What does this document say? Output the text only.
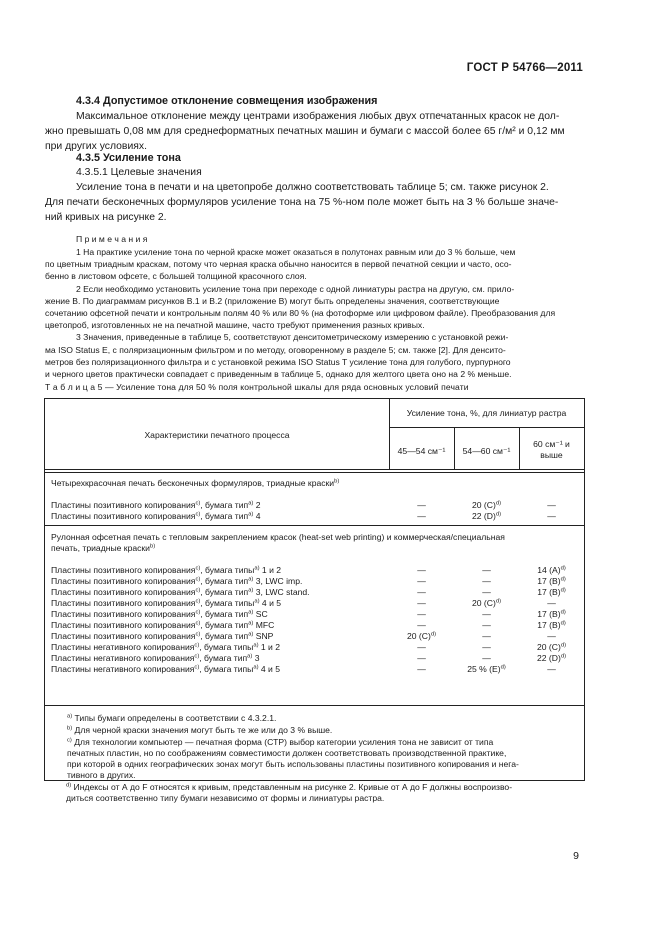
ГОСТ Р 54766—2011
4.3.4 Допустимое отклонение совмещения изображения
Максимальное отклонение между центрами изображения любых двух отпечатанных красок не дол-
жно превышать 0,08 мм для среднеформатных печатных машин и бумаги с массой более 65 г/м² и 0,12 мм
при других условиях.
4.3.5 Усиление тона
4.3.5.1 Целевые значения
Усиление тона в печати и на цветопробе должно соответствовать таблице 5; см. также рисунок 2.
Для печати бесконечных формуляров усиление тона на 75 %-ном поле может быть на 3 % больше значе-
ний кривых на рисунке 2.
П р и м е ч а н и я
1 На практике усиление тона по черной краске может оказаться в полутонах равным или до 3 % больше, чем
по цветным триадным краскам, потому что черная краска обычно наносится в первой печатной секции и часто, осо-
бенно в листовом офсете, с большей толщиной красочного слоя.
2 Если необходимо установить усиление тона при переходе с одной линиатуры растра на другую, см. прило-
жение В. По диаграммам рисунков В.1 и В.2 (приложение В) могут быть определены значения, соответствующие
сочетанию офсетной печати и контрольным полям 40 % или 80 % (на фотоформе или цифровом файле). Преобразования для
цветопроб, изготовленных не на печатной машине, часто требуют применения разных кривых.
3 Значения, приведенные в таблице 5, соответствуют денситометрическому измерению с установкой режи-
ма ISO Status E, с поляризационным фильтром и по методу, оговоренному в разделе 5; см. также [2]. Для денсито-
метров без поляризационного фильтра и с установкой режима ISO Status T усиление тона для голубого, пурпурного
и черного цветов практически совпадает с приведенным в таблице 5, однако для желтого цвета оно на 2 % меньше.
Т а б л и ц а 5 — Усиление тона для 50 % поля контрольной шкалы для ряда основных условий печати
Характеристики печатного процесса
Усиление тона, %, для линиатур растра
45—54 см⁻¹	54—60 см⁻¹
60 см⁻¹ и
выше
Четырехкрасочная печать бесконечных формуляров, триадные краски$^{b)}$
Пластины позитивного копирования$^{c)}$, бумага тип$^{а)}$ 2	—	20 $(С)^{d)}$	—
Пластины позитивного копирования$^{c)}$, бумага тип$^{а)}$ 4	—	22 $(D)^{d)}$	—
Рулонная офсетная печать с тепловым закреплением красок (heat-set web printing) и коммерческая/специальная
печать, триадные краски$^{b)}$
Пластины позитивного копирования$^{c)}$, бумага типы$^{а)}$ 1 и 2	—	—	14 $(А)^{d)}$
Пластины позитивного копирования$^{c)}$, бумага тип$^{а)}$ 3, LWC imp.	—	—	17 $(В)^{d)}$
Пластины позитивного копирования$^{c)}$, бумага тип$^{а)}$ 3, LWC stand.	—	—	17 $(В)^{d)}$
Пластины позитивного копирования$^{c)}$, бумага типы$^{а)}$ 4 и 5	—	20 $(С)^{d)}$	—
Пластины позитивного копирования$^{c)}$, бумага тип$^{а)}$ SC	—	—	17 $(В)^{d)}$
Пластины позитивного копирования$^{c)}$, бумага тип$^{а)}$ MFC	—	—	17 $(В)^{d)}$
Пластины позитивного копирования$^{c)}$, бумага тип$^{а)}$ SNP	20 $(С)^{d)}$	—	—
Пластины негативного копирования$^{c)}$, бумага типы$^{а)}$ 1 и 2	—	—	20 $(С)^{d)}$
Пластины негативного копирования$^{c)}$, бумага тип$^{а)}$ 3	—	—	22 $(D)^{d)}$
Пластины негативного копирования$^{c)}$, бумага типы$^{а)}$ 4 и 5	—	25 % $(Е)^{d)}$	—
$^{а)}$ Типы бумаги определены в соответствии с 4.3.2.1.
$^{b)}$ Для черной краски значения могут быть те же или до 3 % выше.
$^{c)}$ Для технологии компьютер — печатная форма (СТР) выбор категории усиления тона не зависит от типа
печатных пластин, но по соображениям совместимости должен соответствовать производственной практике,
при которой в одних географических зонах могут быть использованы пластины позитивного копирования и нега-
тивного в других.
$^{d)}$ Индексы от А до F относятся к кривым, представленным на рисунке 2. Кривые от А до F должны воспроизво-
диться соответственно типу бумаги независимо от формы и линиатуры растра.
9
